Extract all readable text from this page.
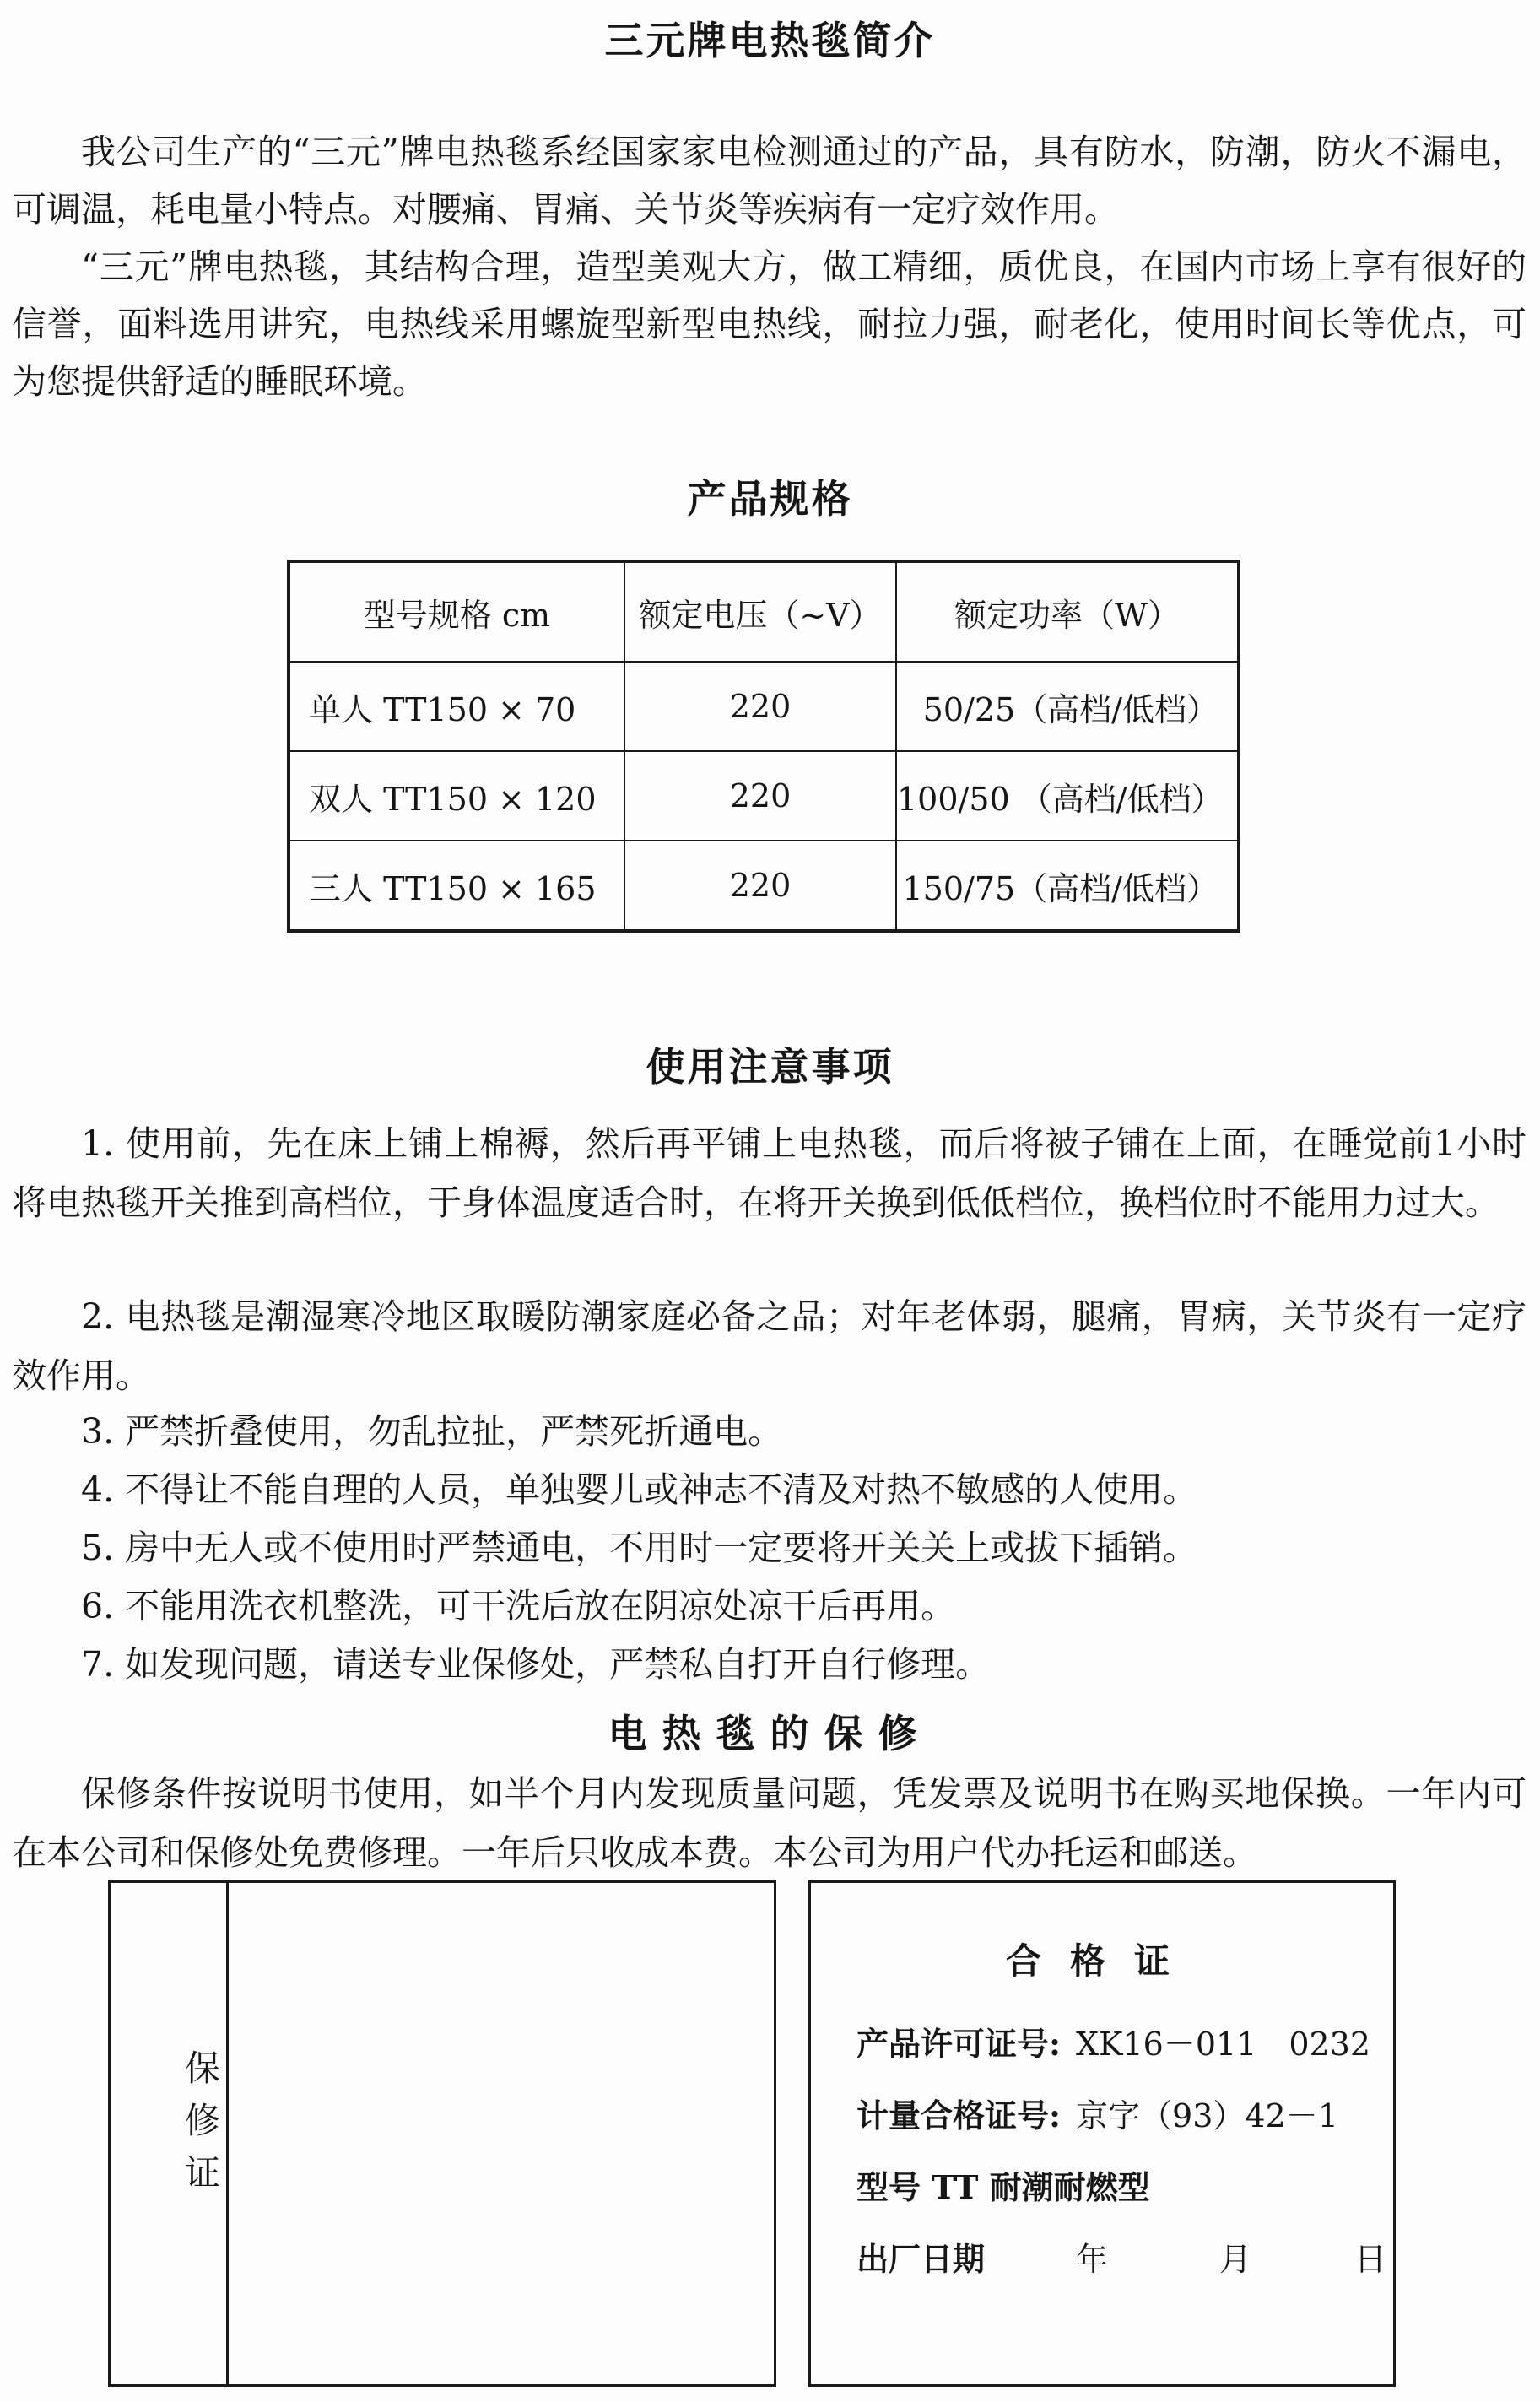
三元牌电热毯简介

我公司生产的“三元”牌电热毯系经国家家电检测通过的产品，具有防水，防潮，防火不漏电，可调温，耗电量小特点。对腰痛、胃痛、关节炎等疾病有一定疗效作用。

“三元”牌电热毯，其结构合理，造型美观大方，做工精细，质优良，在国内市场上享有很好的信誉，面料选用讲究，电热线采用螺旋型新型电热线，耐拉力强，耐老化，使用时间长等优点，可为您提供舒适的睡眠环境。

产品规格
型号规格 cm	额定电压（~V）	额定功率（W）
单人 TT150 × 70	220	50/25（高档/低档）
双人 TT150 × 120	220	100/50 （高档/低档）
三人 TT150 × 165	220	150/75（高档/低档）
使用注意事项

1. 使用前，先在床上铺上棉褥，然后再平铺上电热毯，而后将被子铺在上面，在睡觉前1小时将电热毯开关推到高档位，于身体温度适合时，在将开关换到低低档位，换档位时不能用力过大。

2. 电热毯是潮湿寒冷地区取暖防潮家庭必备之品；对年老体弱，腿痛，胃病，关节炎有一定疗效作用。

3. 严禁折叠使用，勿乱拉扯，严禁死折通电。

4. 不得让不能自理的人员，单独婴儿或神志不清及对热不敏感的人使用。

5. 房中无人或不使用时严禁通电，不用时一定要将开关关上或拔下插销。

6. 不能用洗衣机整洗，可干洗后放在阴凉处凉干后再用。

7. 如发现问题，请送专业保修处，严禁私自打开自行修理。

电热毯的保修

保修条件按说明书使用，如半个月内发现质量问题，凭发票及说明书在购买地保换。一年内可在本公司和保修处免费修理。一年后只收成本费。本公司为用户代办托运和邮送。

保修证
合格证

产品许可证号: XK16－011　0232

计量合格证号: 京字（93）42－1

型号 TT 耐潮耐燃型

出厂日期	年	月	日
